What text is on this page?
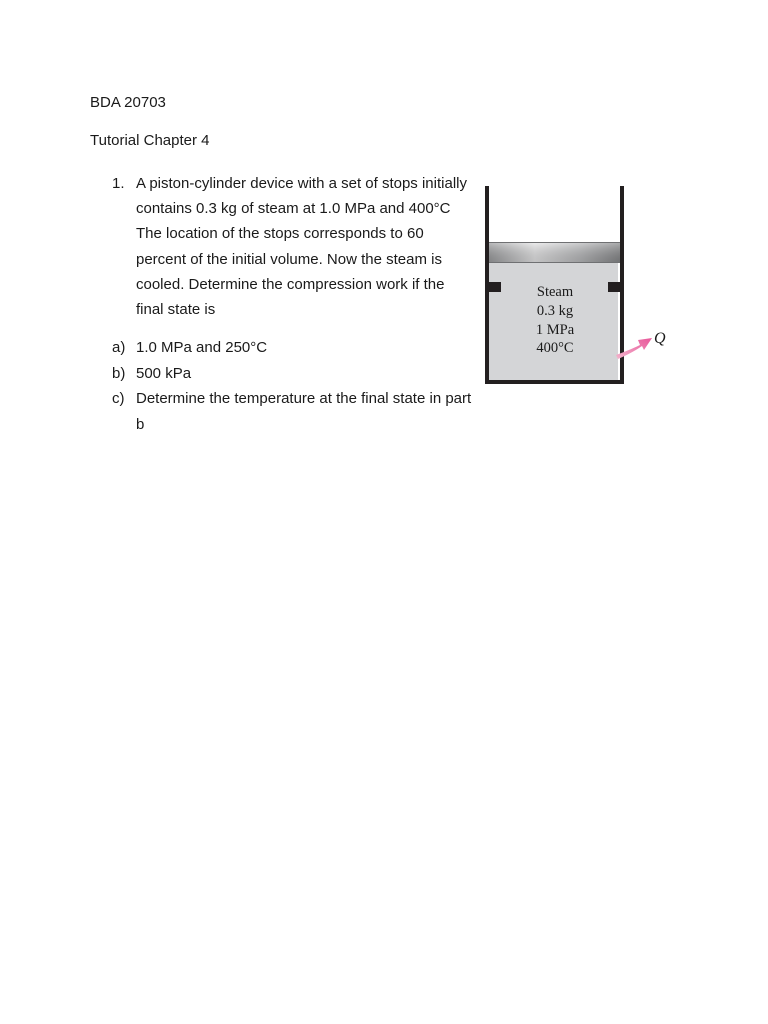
BDA 20703

Tutorial Chapter 4

1. A piston-cylinder device with a set of stops initially contains 0.3 kg of steam at 1.0 MPa and 400°C The location of the stops corresponds to 60 percent of the initial volume. Now the steam is cooled. Determine the compression work if the final state is
a) 1.0 MPa and 250°C
b) 500 kPa
c) Determine the temperature at the final state in part b
Steam
0.3 kg
1 MPa
400°C
Q
